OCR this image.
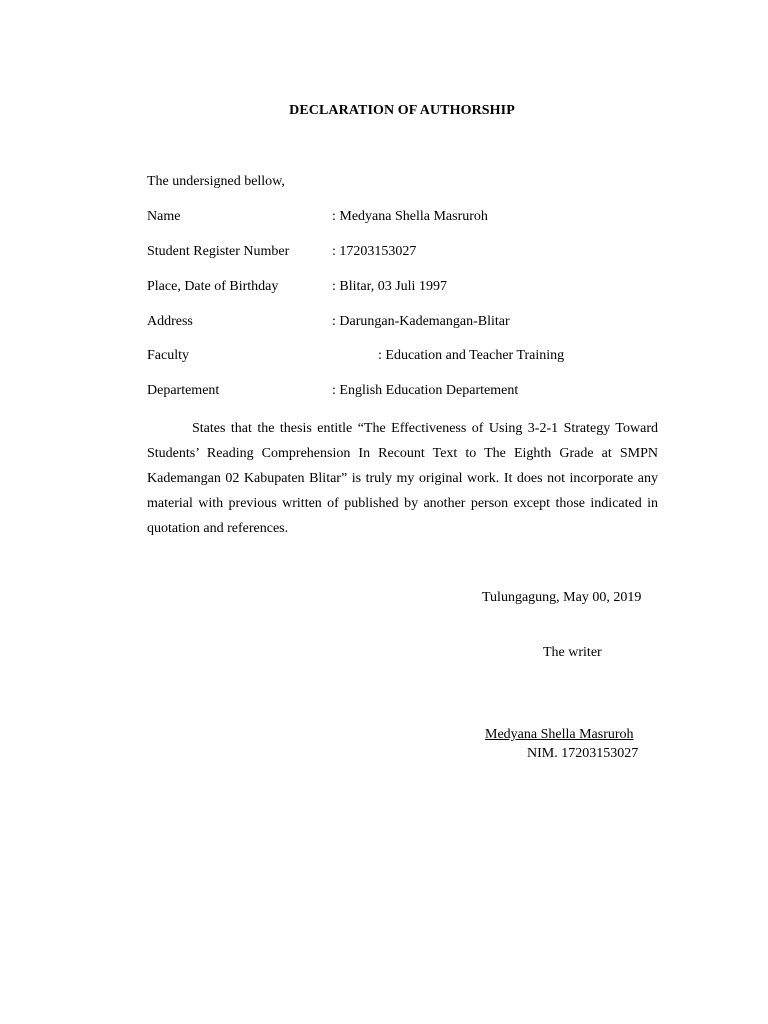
DECLARATION OF AUTHORSHIP
The undersigned bellow,
Name	: Medyana Shella Masruroh
Student Register Number	: 17203153027
Place, Date of Birthday	: Blitar, 03 Juli 1997
Address	: Darungan-Kademangan-Blitar
Faculty	: Education and Teacher Training
Departement	: English Education Departement
States that the thesis entitle “The Effectiveness of Using 3-2-1 Strategy Toward Students’ Reading Comprehension In Recount Text to The Eighth Grade at SMPN Kademangan 02 Kabupaten Blitar” is truly my original work. It does not incorporate any material with previous written of published by another person except those indicated in quotation and references.
Tulungagung, May 00, 2019
The writer
Medyana Shella Masruroh
NIM. 17203153027
